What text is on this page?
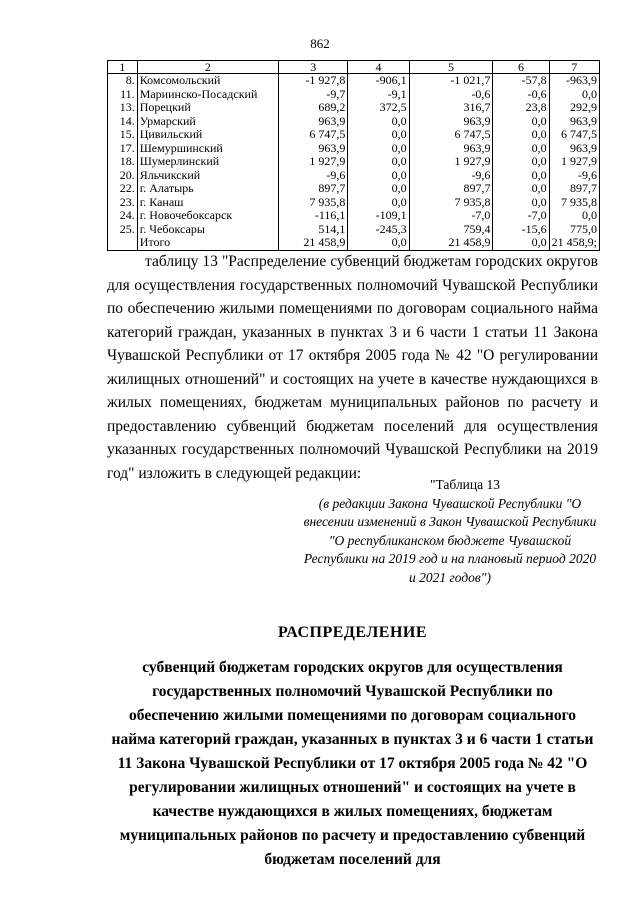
862
1	2	3	4	5	6	7
8.	Комсомольский	-1 927,8	-906,1	-1 021,7	-57,8	-963,9
11.	Мариинско-Посадский	-9,7	-9,1	-0,6	-0,6	0,0
13.	Порецкий	689,2	372,5	316,7	23,8	292,9
14.	Урмарский	963,9	0,0	963,9	0,0	963,9
15.	Цивильский	6 747,5	0,0	6 747,5	0,0	6 747,5
17.	Шемуршинский	963,9	0,0	963,9	0,0	963,9
18.	Шумерлинский	1 927,9	0,0	1 927,9	0,0	1 927,9
20.	Яльчикский	-9,6	0,0	-9,6	0,0	-9,6
22.	г. Алатырь	897,7	0,0	897,7	0,0	897,7
23.	г. Канаш	7 935,8	0,0	7 935,8	0,0	7 935,8
24.	г. Новочебоксарск	-116,1	-109,1	-7,0	-7,0	0,0
25.	г. Чебоксары	514,1	-245,3	759,4	-15,6	775,0
	Итого	21 458,9	0,0	21 458,9	0,0	21 458,9;

таблицу 13 "Распределение субвенций бюджетам городских округов для осуществления государственных полномочий Чувашской Республики по обеспечению жилыми помещениями по договорам социального найма категорий граждан, указанных в пунктах 3 и 6 части 1 статьи 11 Закона Чувашской Республики от 17 октября 2005 года № 42 "О регулировании жилищных отношений" и состоящих на учете в качестве нуждающихся в жилых помещениях, бюджетам муниципальных районов по расчету и предоставлению субвенций бюджетам поселений для осуществления указанных государственных полномочий Чувашской Республики на 2019 год" изложить в следующей редакции:

"Таблица 13
(в редакции Закона Чувашской Республики "О внесении изменений в Закон Чувашской Республики "О республиканском бюджете Чувашской Республики на 2019 год и на плановый период 2020 и 2021 годов")
РАСПРЕДЕЛЕНИЕ
субвенций бюджетам городских округов для осуществления государственных полномочий Чувашской Республики по обеспечению жилыми помещениями по договорам социального найма категорий граждан, указанных в пунктах 3 и 6 части 1 статьи 11 Закона Чувашской Республики от 17 октября 2005 года № 42 "О регулировании жилищных отношений" и состоящих на учете в качестве нуждающихся в жилых помещениях, бюджетам муниципальных районов по расчету и предоставлению субвенций бюджетам поселений для
